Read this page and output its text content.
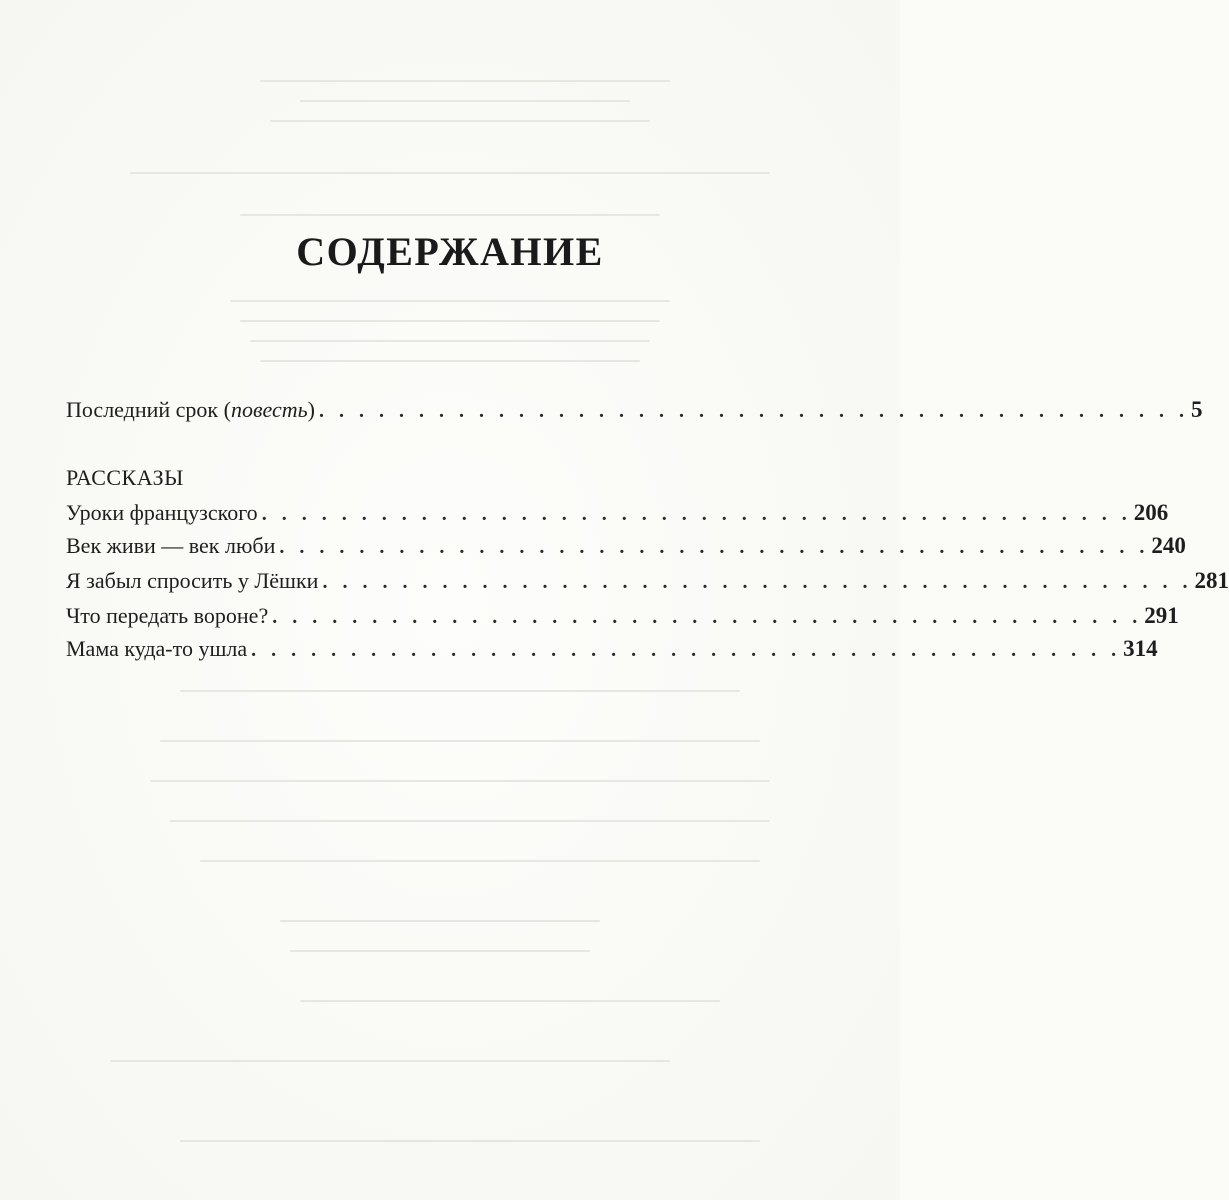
СОДЕРЖАНИЕ
Последний срок (повесть) . . . . . . . . . . . . . . . . . . . . . . . . . . . . . . . . . . . . . . . . . . . . 5
РАССКАЗЫ
Уроки французского . . . . . . . . . . . . . . . . . . . . . . . . . . . . . . . . . . . . . . . . . . . . 206
Век живи — век люби . . . . . . . . . . . . . . . . . . . . . . . . . . . . . . . . . . . . . . . . . . . . 240
Я забыл спросить у Лёшки . . . . . . . . . . . . . . . . . . . . . . . . . . . . . . . . . . . . . . . . . . . . 281
Что передать вороне? . . . . . . . . . . . . . . . . . . . . . . . . . . . . . . . . . . . . . . . . . . . . 291
Мама куда-то ушла . . . . . . . . . . . . . . . . . . . . . . . . . . . . . . . . . . . . . . . . . . . . 314
